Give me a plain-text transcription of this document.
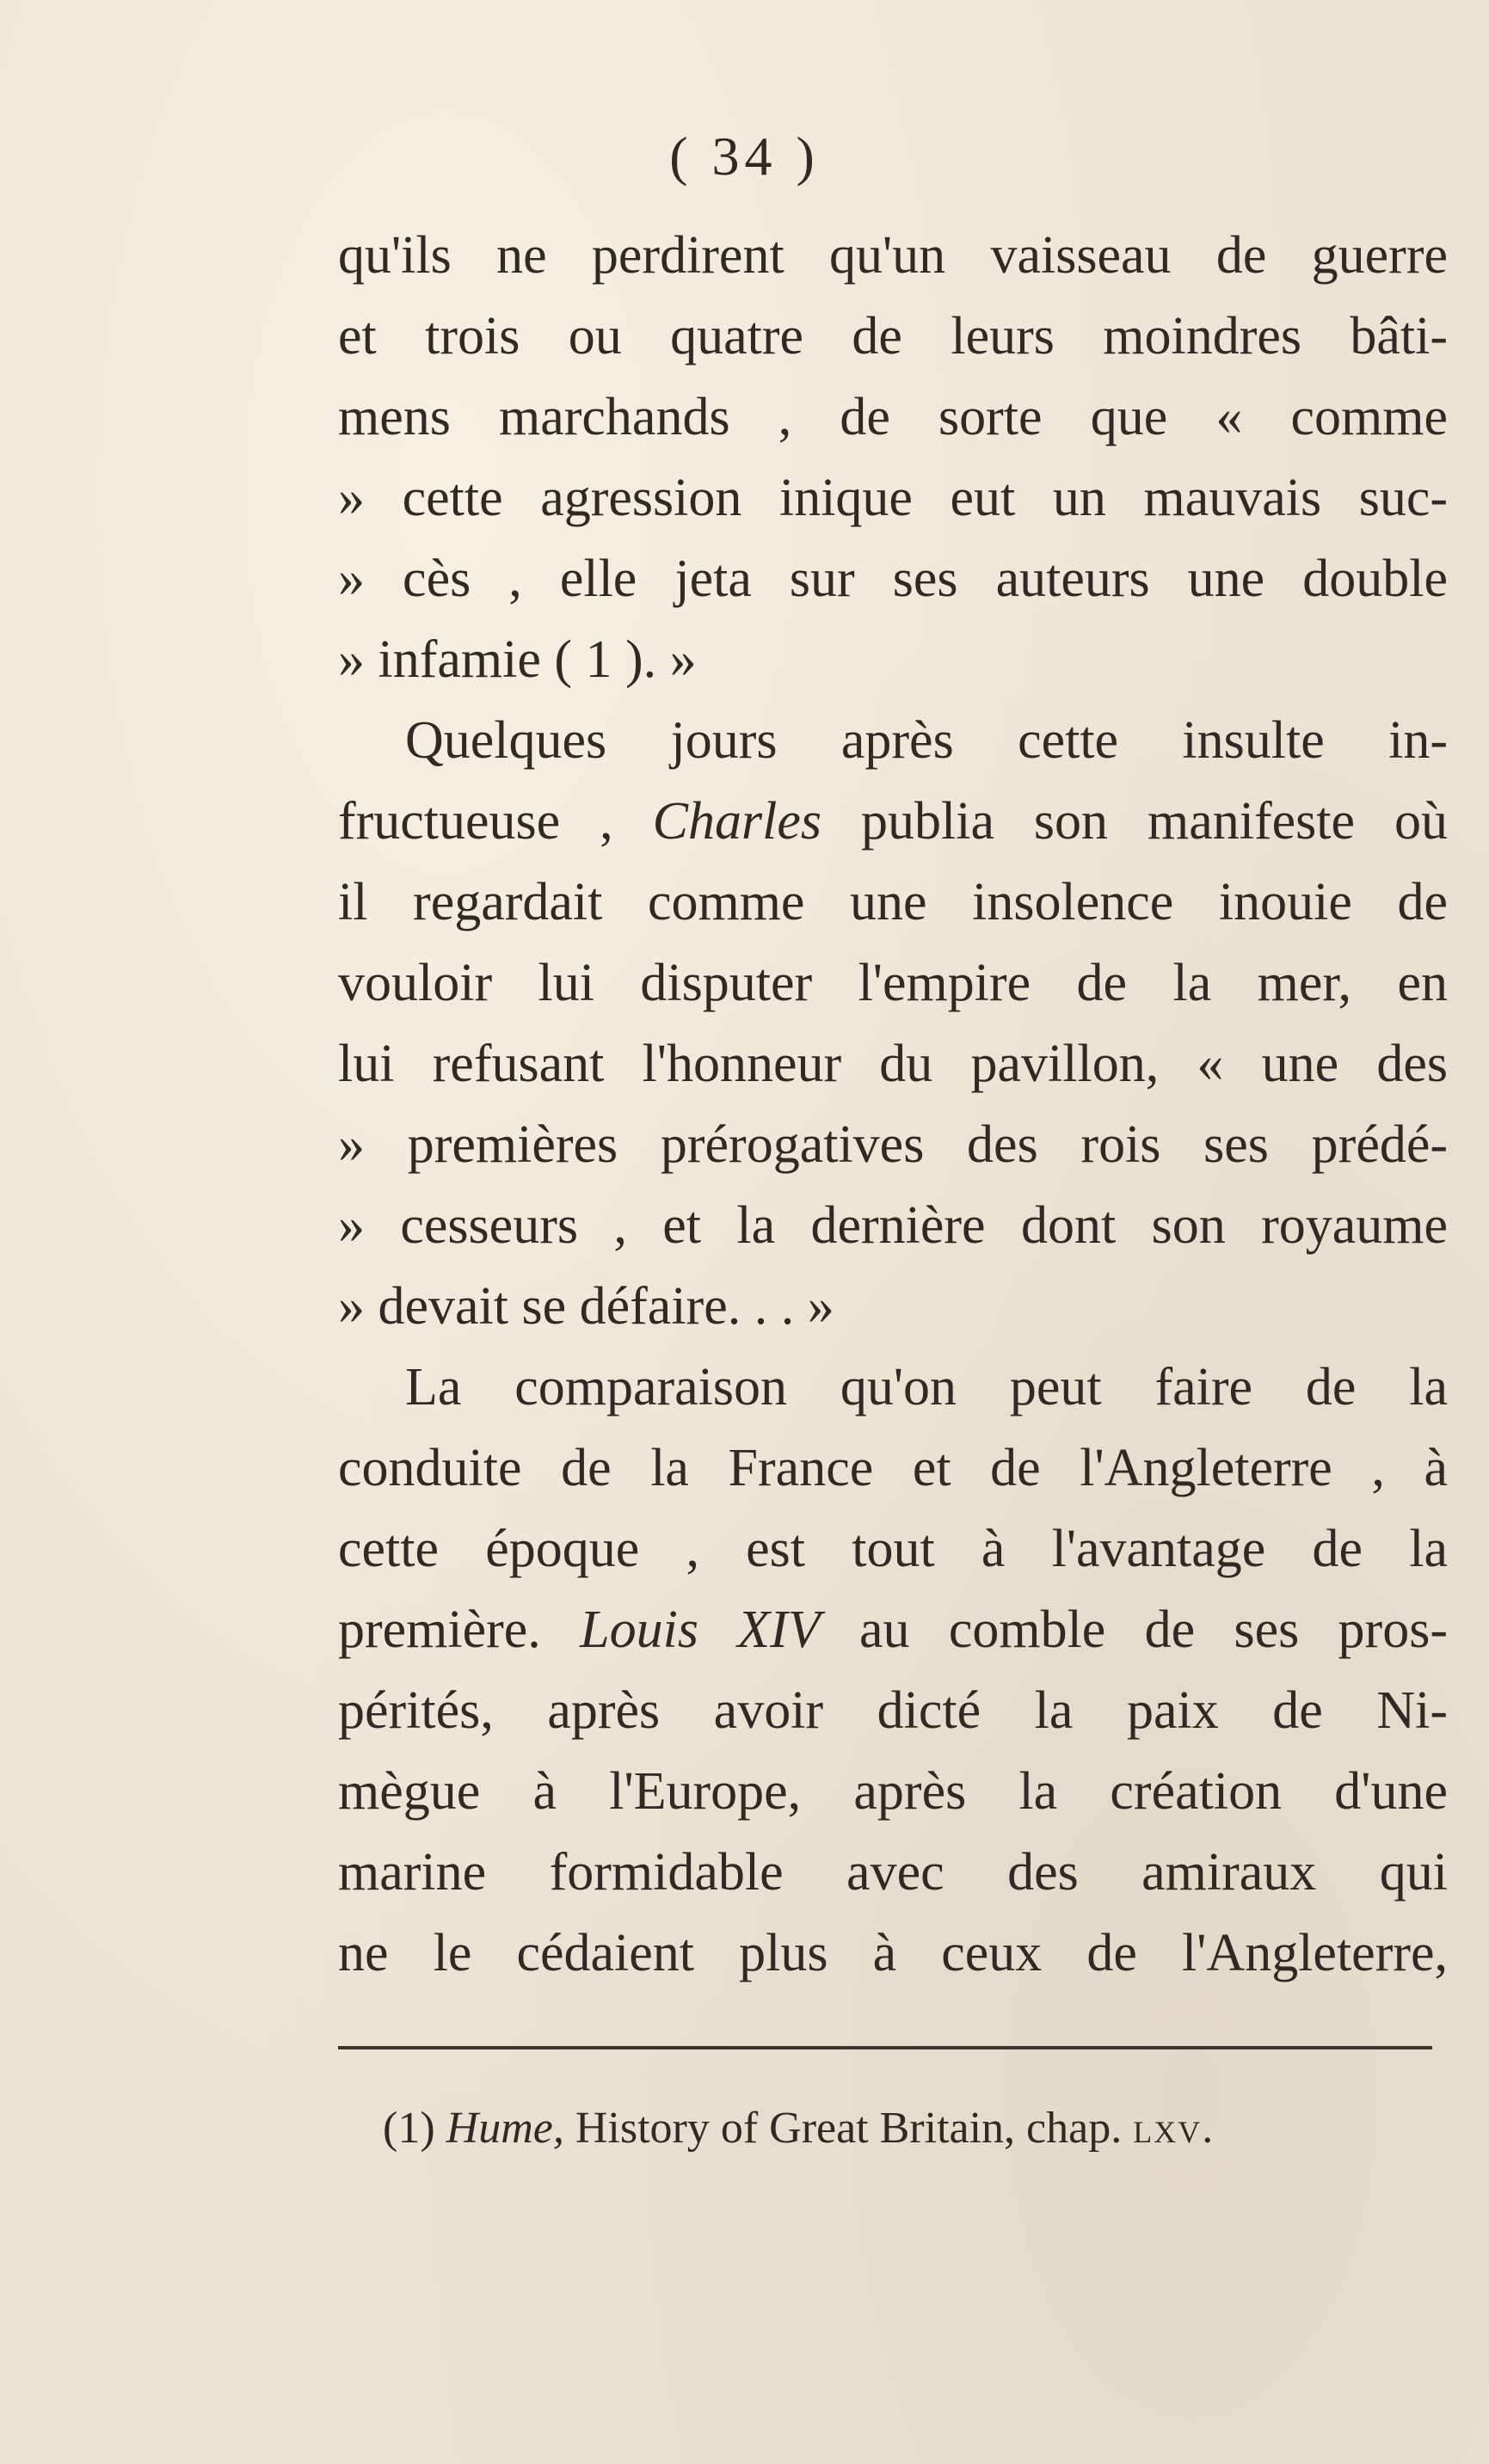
( 34 )
qu'ils ne perdirent qu'un vaisseau de guerre
et trois ou quatre de leurs moindres bâti-
mens marchands , de sorte que « comme
» cette agression inique eut un mauvais suc-
» cès , elle jeta sur ses auteurs une double
» infamie ( 1 ). »
Quelques jours après cette insulte in-
fructueuse , Charles publia son manifeste où
il regardait comme une insolence inouie de
vouloir lui disputer l'empire de la mer, en
lui refusant l'honneur du pavillon, « une des
» premières prérogatives des rois ses prédé-
» cesseurs , et la dernière dont son royaume
» devait se défaire. . . »
La comparaison qu'on peut faire de la
conduite de la France et de l'Angleterre , à
cette époque , est tout à l'avantage de la
première. Louis XIV au comble de ses pros-
pérités, après avoir dicté la paix de Ni-
mègue à l'Europe, après la création d'une
marine formidable avec des amiraux qui
ne le cédaient plus à ceux de l'Angleterre,
(1) Hume, History of Great Britain, chap. lxv.
